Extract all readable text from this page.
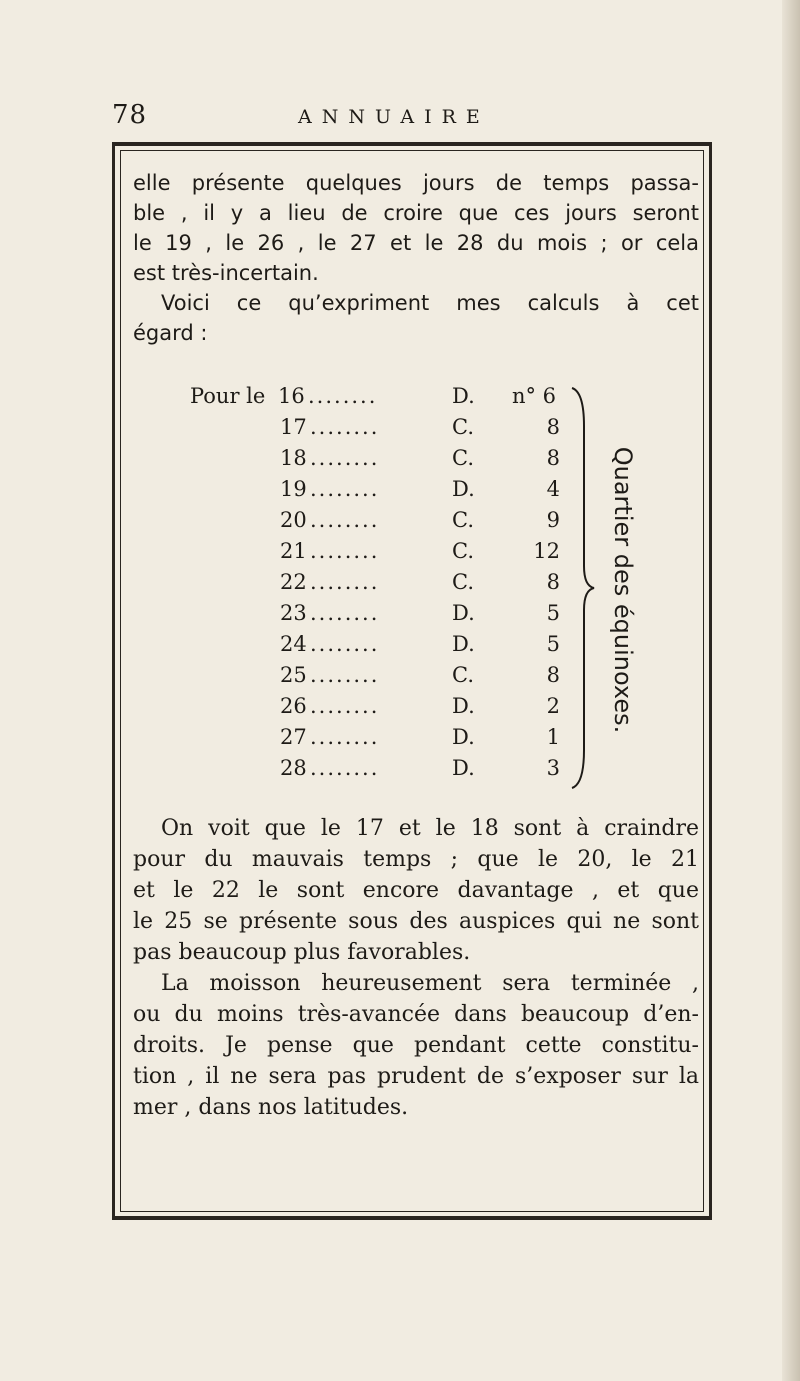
78	ANNUAIRE
elle présente quelques jours de temps passa-
ble , il y a lieu de croire que ces jours seront
le 19 , le 26 , le 27 et le 28 du mois ; or cela
est très-incertain.
Voici ce qu’expriment mes calculs à cet
égard :
Pour le 16 ........	D. n° 6
17 ........	C.	8
18 ........	C.	8
19 ........	D.	4
20 ........	C.	9
21 ........	C.	12
22 ........	C.	8
23 ........	D.	5
24 ........	D.	5
25 ........	C.	8
26 ........	D.	2
27 ........	D.	1
28 ........	D.	3
Quartier des équinoxes.
On voit que le 17 et le 18 sont à craindre
pour du mauvais temps ; que le 20, le 21
et le 22 le sont encore davantage , et que
le 25 se présente sous des auspices qui ne sont
pas beaucoup plus favorables.
La moisson heureusement sera terminée ,
ou du moins très-avancée dans beaucoup d’en-
droits. Je pense que pendant cette constitu-
tion , il ne sera pas prudent de s’exposer sur la
mer , dans nos latitudes.
